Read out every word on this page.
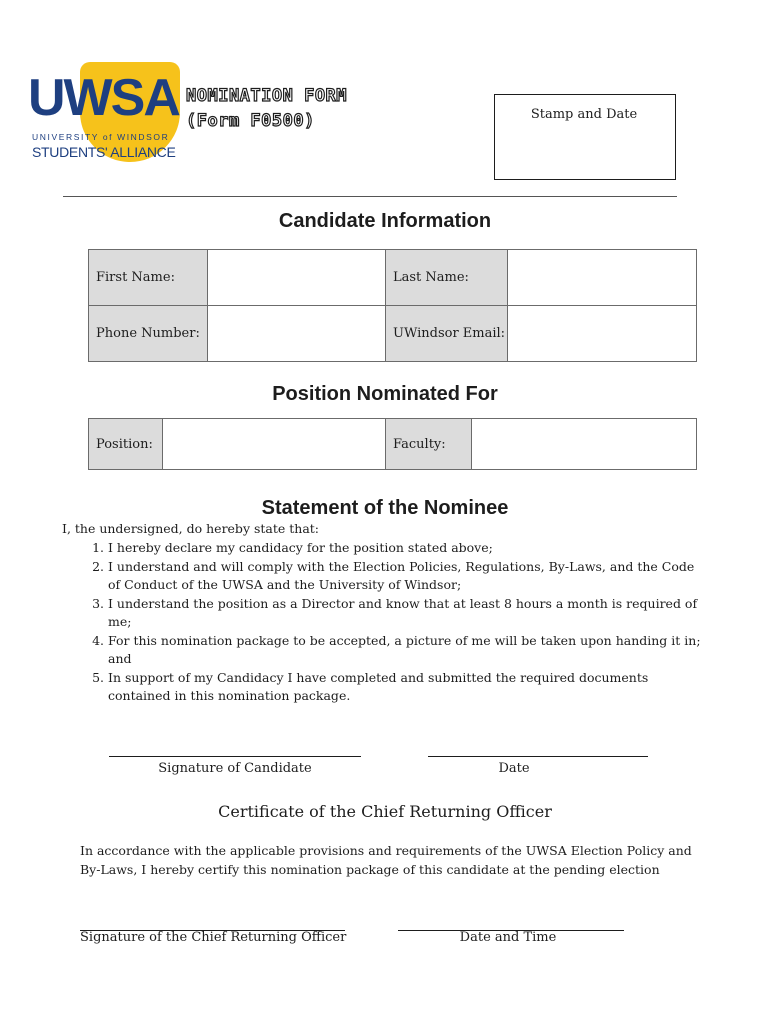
UWSA
UNIVERSITY of WINDSOR
STUDENTS' ALLIANCE
NOMINATION FORM
(Form F0500)	Stamp and Date
Candidate Information
First Name:		Last Name:	
Phone Number:		UWindsor Email:	
Position Nominated For
Position:		Faculty:	
Statement of the Nominee
I, the undersigned, do hereby state that:
1. I hereby declare my candidacy for the position stated above;
2. I understand and will comply with the Election Policies, Regulations, By-Laws, and the Code of Conduct of the UWSA and the University of Windsor;
3. I understand the position as a Director and know that at least 8 hours a month is required of me;
4. For this nomination package to be accepted, a picture of me will be taken upon handing it in; and
5. In support of my Candidacy I have completed and submitted the required documents contained in this nomination package.
Signature of Candidate	Date
Certificate of the Chief Returning Officer
In accordance with the applicable provisions and requirements of the UWSA Election Policy and By-Laws, I hereby certify this nomination package of this candidate at the pending election
Signature of the Chief Returning Officer	Date and Time
